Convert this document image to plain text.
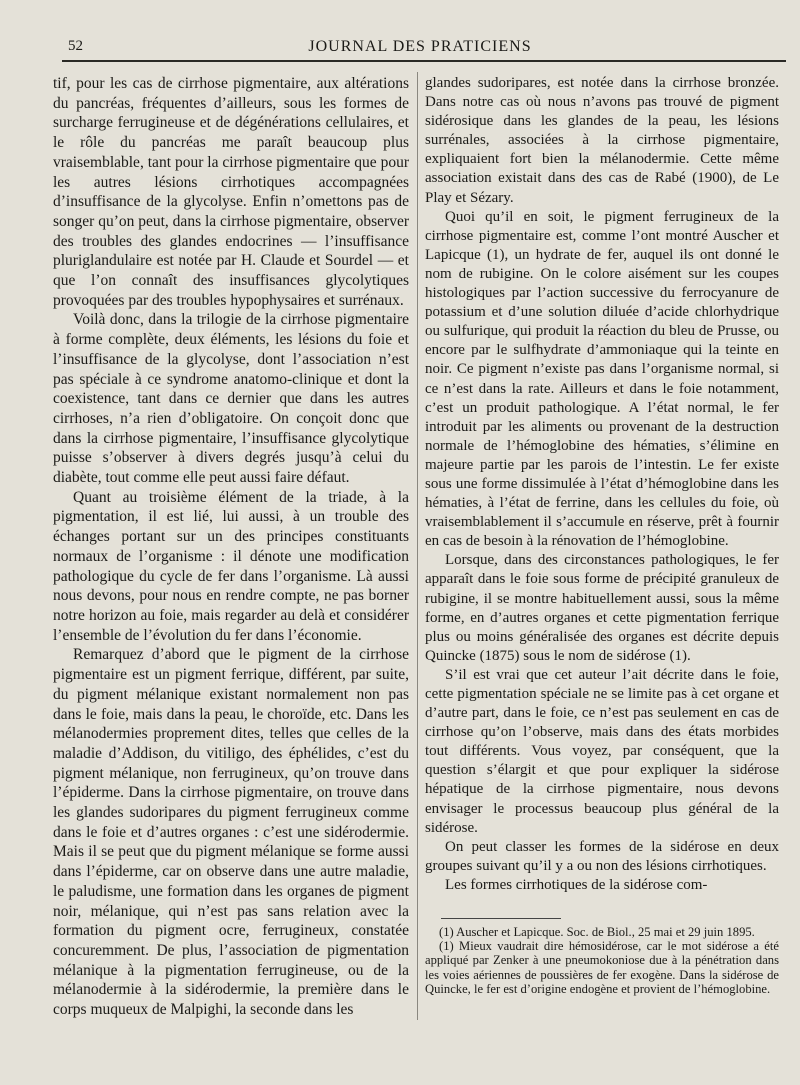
52	JOURNAL DES PRATICIENS

tif, pour les cas de cirrhose pigmentaire, aux altérations du pancréas, fréquentes d’ailleurs, sous les formes de surcharge ferrugineuse et de dégénérations cellulaires, et le rôle du pancréas me paraît beaucoup plus vraisemblable, tant pour la cirrhose pigmentaire que pour les autres lésions cirrhotiques accompagnées d’insuffisance de la glycolyse. Enfin n’omettons pas de songer qu’on peut, dans la cirrhose pigmentaire, observer des troubles des glandes endocrines — l’insuffisance pluriglandulaire est notée par H. Claude et Sourdel — et que l’on connaît des insuffisances glycolytiques provoquées par des troubles hypophysaires et surrénaux.

Voilà donc, dans la trilogie de la cirrhose pigmentaire à forme complète, deux éléments, les lésions du foie et l’insuffisance de la glycolyse, dont l’association n’est pas spéciale à ce syndrome anatomo-clinique et dont la coexistence, tant dans ce dernier que dans les autres cirrhoses, n’a rien d’obligatoire. On conçoit donc que dans la cirrhose pigmentaire, l’insuffisance glycolytique puisse s’observer à divers degrés jusqu’à celui du diabète, tout comme elle peut aussi faire défaut.

Quant au troisième élément de la triade, à la pigmentation, il est lié, lui aussi, à un trouble des échanges portant sur un des principes constituants normaux de l’organisme : il dénote une modification pathologique du cycle de fer dans l’organisme. Là aussi nous devons, pour nous en rendre compte, ne pas borner notre horizon au foie, mais regarder au delà et considérer l’ensemble de l’évolution du fer dans l’économie.

Remarquez d’abord que le pigment de la cirrhose pigmentaire est un pigment ferrique, différent, par suite, du pigment mélanique existant normalement non pas dans le foie, mais dans la peau, le choroïde, etc. Dans les mélanodermies proprement dites, telles que celles de la maladie d’Addison, du vitiligo, des éphélides, c’est du pigment mélanique, non ferrugineux, qu’on trouve dans l’épiderme. Dans la cirrhose pigmentaire, on trouve dans les glandes sudoripares du pigment ferrugineux comme dans le foie et d’autres organes : c’est une sidérodermie. Mais il se peut que du pigment mélanique se forme aussi dans l’épiderme, car on observe dans une autre maladie, le paludisme, une formation dans les organes de pigment noir, mélanique, qui n’est pas sans relation avec la formation du pigment ocre, ferrugineux, constatée concuremment. De plus, l’association de pigmentation mélanique à la pigmentation ferrugineuse, ou de la mélanodermie à la sidérodermie, la première dans le corps muqueux de Malpighi, la seconde dans les

glandes sudoripares, est notée dans la cirrhose bronzée. Dans notre cas où nous n’avons pas trouvé de pigment sidérosique dans les glandes de la peau, les lésions surrénales, associées à la cirrhose pigmentaire, expliquaient fort bien la mélanodermie. Cette même association existait dans des cas de Rabé (1900), de Le Play et Sézary.

Quoi qu’il en soit, le pigment ferrugineux de la cirrhose pigmentaire est, comme l’ont montré Auscher et Lapicque (1), un hydrate de fer, auquel ils ont donné le nom de rubigine. On le colore aisément sur les coupes histologiques par l’action successive du ferrocyanure de potassium et d’une solution diluée d’acide chlorhydrique ou sulfurique, qui produit la réaction du bleu de Prusse, ou encore par le sulfhydrate d’ammoniaque qui la teinte en noir. Ce pigment n’existe pas dans l’organisme normal, si ce n’est dans la rate. Ailleurs et dans le foie notamment, c’est un produit pathologique. A l’état normal, le fer introduit par les aliments ou provenant de la destruction normale de l’hémoglobine des hématies, s’élimine en majeure partie par les parois de l’intestin. Le fer existe sous une forme dissimulée à l’état d’hémoglobine dans les hématies, à l’état de ferrine, dans les cellules du foie, où vraisemblablement il s’accumule en réserve, prêt à fournir en cas de besoin à la rénovation de l’hémoglobine.

Lorsque, dans des circonstances pathologiques, le fer apparaît dans le foie sous forme de précipité granuleux de rubigine, il se montre habituellement aussi, sous la même forme, en d’autres organes et cette pigmentation ferrique plus ou moins généralisée des organes est décrite depuis Quincke (1875) sous le nom de sidérose (1).

S’il est vrai que cet auteur l’ait décrite dans le foie, cette pigmentation spéciale ne se limite pas à cet organe et d’autre part, dans le foie, ce n’est pas seulement en cas de cirrhose qu’on l’observe, mais dans des états morbides tout différents. Vous voyez, par conséquent, que la question s’élargit et que pour expliquer la sidérose hépatique de la cirrhose pigmentaire, nous devons envisager le processus beaucoup plus général de la sidérose.

On peut classer les formes de la sidérose en deux groupes suivant qu’il y a ou non des lésions cirrhotiques.

Les formes cirrhotiques de la sidérose com-

(1) Auscher et Lapicque. Soc. de Biol., 25 mai et 29 juin 1895.

(1) Mieux vaudrait dire hémosidérose, car le mot sidérose a été appliqué par Zenker à une pneumokoniose due à la pénétration dans les voies aériennes de poussières de fer exogène. Dans la sidérose de Quincke, le fer est d’origine endogène et provient de l’hémoglobine.
